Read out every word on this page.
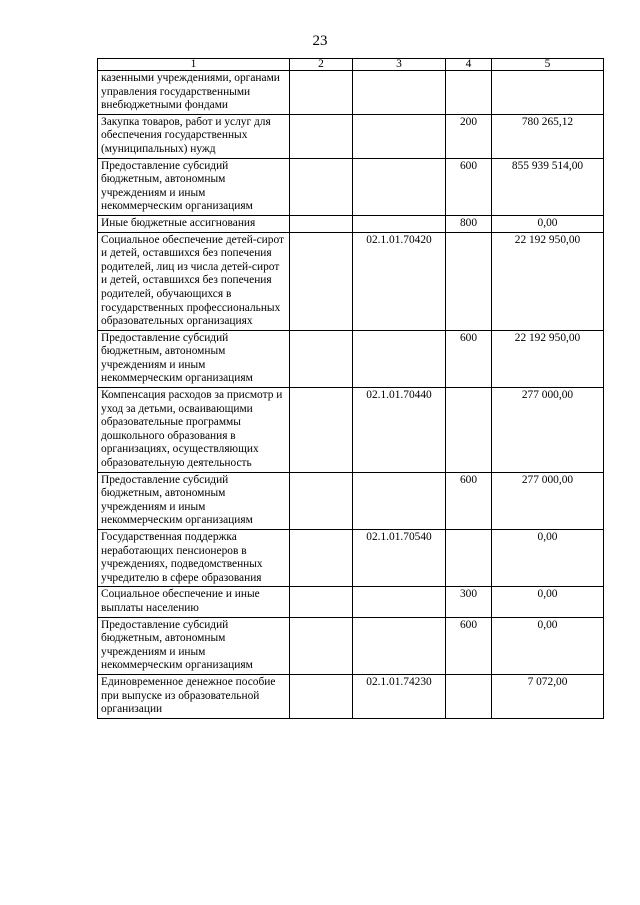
23
1	2	3	4	5
казенными учреждениями, органами управления государственными внебюджетными фондами				
Закупка товаров, работ и услуг для обеспечения государственных (муниципальных) нужд			200	780 265,12
Предоставление субсидий бюджетным, автономным учреждениям и иным некоммерческим организациям			600	855 939 514,00
Иные бюджетные ассигнования			800	0,00
Социальное обеспечение детей-сирот и детей, оставшихся без попечения родителей, лиц из числа детей-сирот и детей, оставшихся без попечения родителей, обучающихся в государственных профессиональных образовательных организациях		02.1.01.70420		22 192 950,00
Предоставление субсидий бюджетным, автономным учреждениям и иным некоммерческим организациям			600	22 192 950,00
Компенсация расходов за присмотр и уход за детьми, осваивающими образовательные программы дошкольного образования в организациях, осуществляющих образовательную деятельность		02.1.01.70440		277 000,00
Предоставление субсидий бюджетным, автономным учреждениям и иным некоммерческим организациям			600	277 000,00
Государственная поддержка неработающих пенсионеров в учреждениях, подведомственных учредителю в сфере образования		02.1.01.70540		0,00
Социальное обеспечение и иные выплаты населению			300	0,00
Предоставление субсидий бюджетным, автономным учреждениям и иным некоммерческим организациям			600	0,00
Единовременное денежное пособие при выпуске из образовательной организации		02.1.01.74230		7 072,00
